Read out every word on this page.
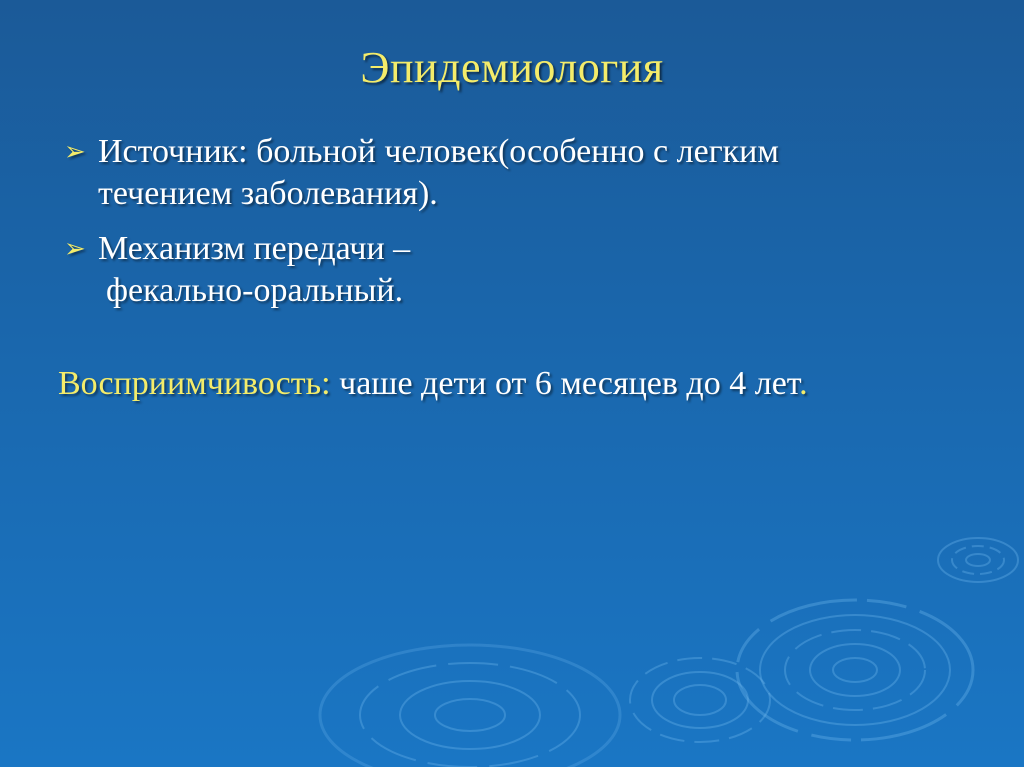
Эпидемиология
➢ Источник: больной человек(особенно с легким
течением заболевания).
➢ Механизм передачи –
фекально-оральный.
Восприимчивость: чаше дети от 6 месяцев до 4 лет.
